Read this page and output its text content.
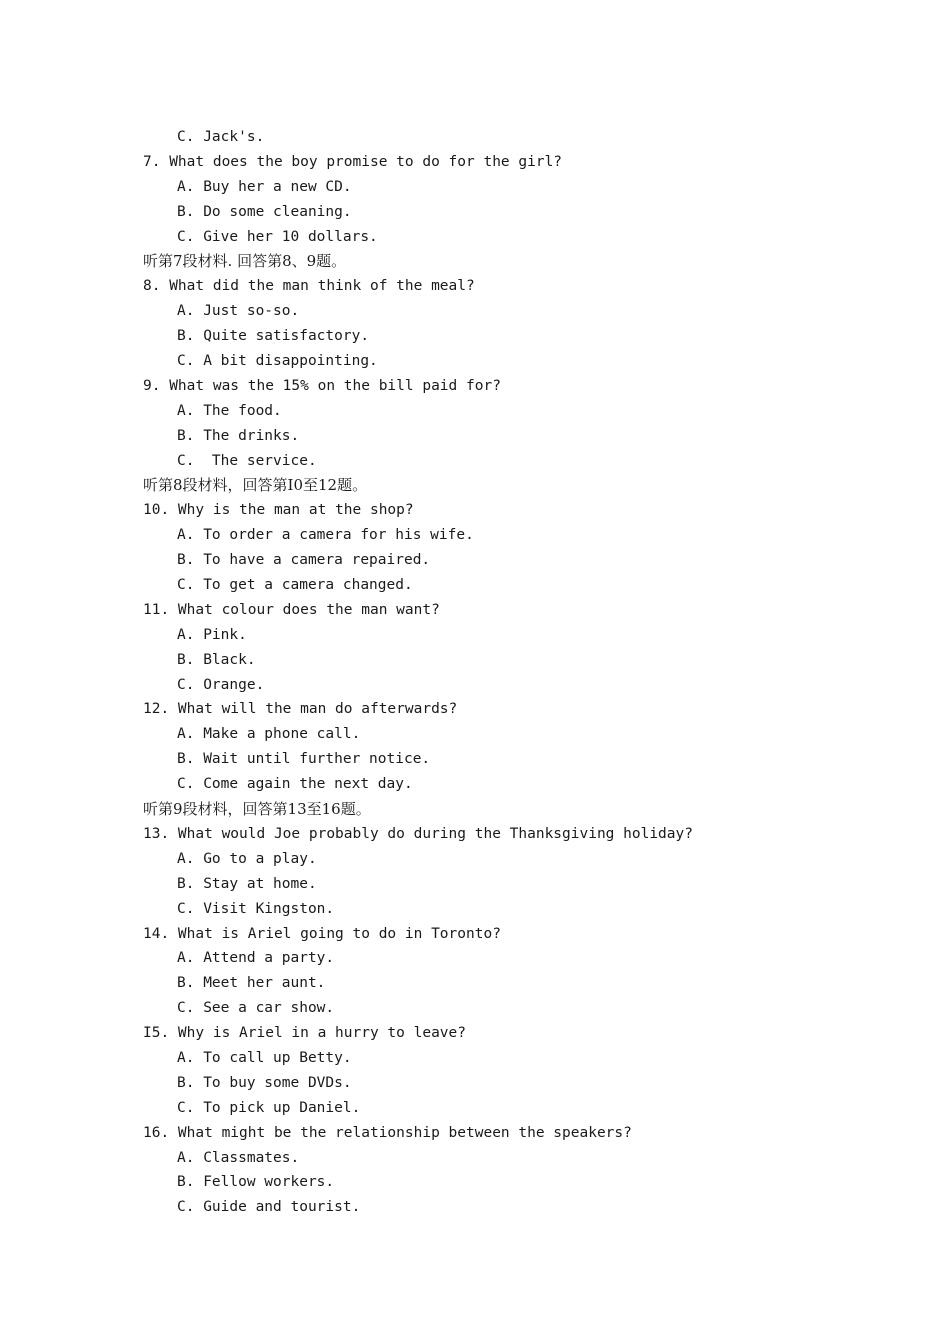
C. Jack's.
7. What does the boy promise to do for the girl?
A. Buy her a new CD.
B. Do some cleaning.
C. Give her 10 dollars.
听第7段材料. 回答第8、9题。
8. What did the man think of the meal?
A. Just so-so.
B. Quite satisfactory.
C. A bit disappointing.
9. What was the 15% on the bill paid for?
A. The food.
B. The drinks.
C.  The service.
听第8段材料，回答第I0至12题。
10. Why is the man at the shop?
A. To order a camera for his wife.
B. To have a camera repaired.
C. To get a camera changed.
11. What colour does the man want?
A. Pink.
B. Black.
C. Orange.
12. What will the man do afterwards?
A. Make a phone call.
B. Wait until further notice.
C. Come again the next day.
听第9段材料，回答第13至16题。
13. What would Joe probably do during the Thanksgiving holiday?
A. Go to a play.
B. Stay at home.
C. Visit Kingston.
14. What is Ariel going to do in Toronto?
A. Attend a party.
B. Meet her aunt.
C. See a car show.
I5. Why is Ariel in a hurry to leave?
A. To call up Betty.
B. To buy some DVDs.
C. To pick up Daniel.
16. What might be the relationship between the speakers?
A. Classmates.
B. Fellow workers.
C. Guide and tourist.
